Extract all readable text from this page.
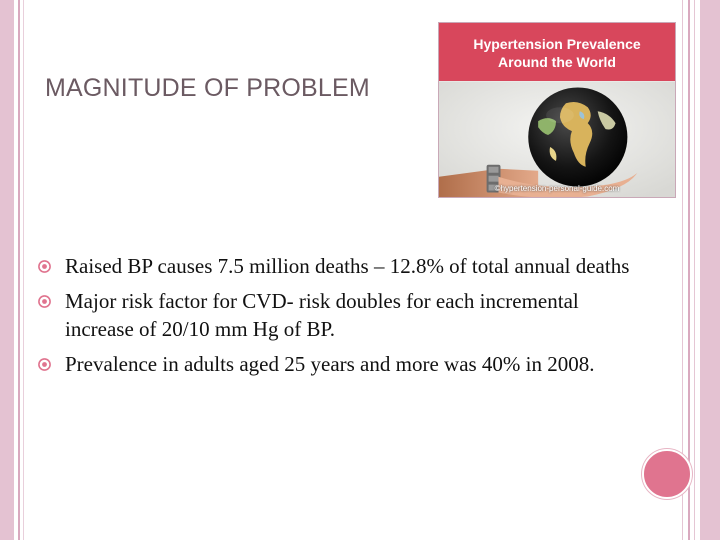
MAGNITUDE OF PROBLEM
Hypertension Prevalence
Around the World
©hypertension-personal-guide.com
Raised BP causes 7.5 million deaths – 12.8% of total annual deaths
Major risk factor for CVD- risk doubles for each incremental increase of 20/10 mm Hg of BP.
Prevalence in adults aged 25 years and more was 40% in 2008.
